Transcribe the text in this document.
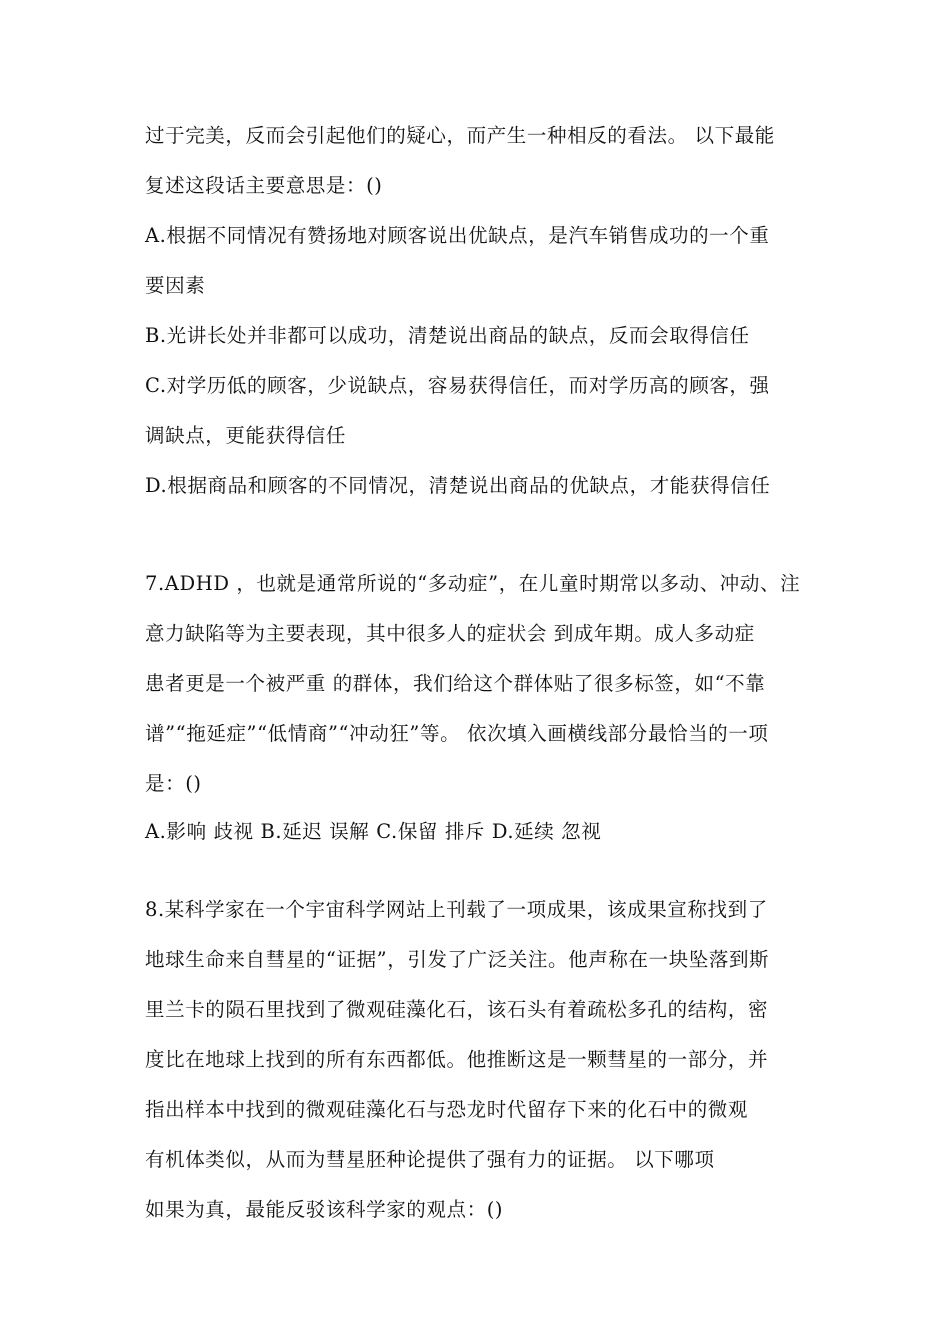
过于完美，反而会引起他们的疑心，而产生一种相反的看法。 以下最能
复述这段话主要意思是：()
A.根据不同情况有赞扬地对顾客说出优缺点，是汽车销售成功的一个重
要因素
B.光讲长处并非都可以成功，清楚说出商品的缺点，反而会取得信任
C.对学历低的顾客，少说缺点，容易获得信任，而对学历高的顾客，强
调缺点，更能获得信任
D.根据商品和顾客的不同情况，清楚说出商品的优缺点，才能获得信任
7.ADHD ，也就是通常所说的“多动症”，在儿童时期常以多动、冲动、注
意力缺陷等为主要表现，其中很多人的症状会 到成年期。成人多动症
患者更是一个被严重 的群体，我们给这个群体贴了很多标签，如“不靠
谱”“拖延症”“低情商”“冲动狂”等。 依次填入画横线部分最恰当的一项
是：()
A.影响 歧视 B.延迟 误解 C.保留 排斥 D.延续 忽视
8.某科学家在一个宇宙科学网站上刊载了一项成果，该成果宣称找到了
地球生命来自彗星的“证据”，引发了广泛关注。他声称在一块坠落到斯
里兰卡的陨石里找到了微观硅藻化石，该石头有着疏松多孔的结构，密
度比在地球上找到的所有东西都低。他推断这是一颗彗星的一部分，并
指出样本中找到的微观硅藻化石与恐龙时代留存下来的化石中的微观
有机体类似，从而为彗星胚种论提供了强有力的证据。 以下哪项
如果为真，最能反驳该科学家的观点：()
